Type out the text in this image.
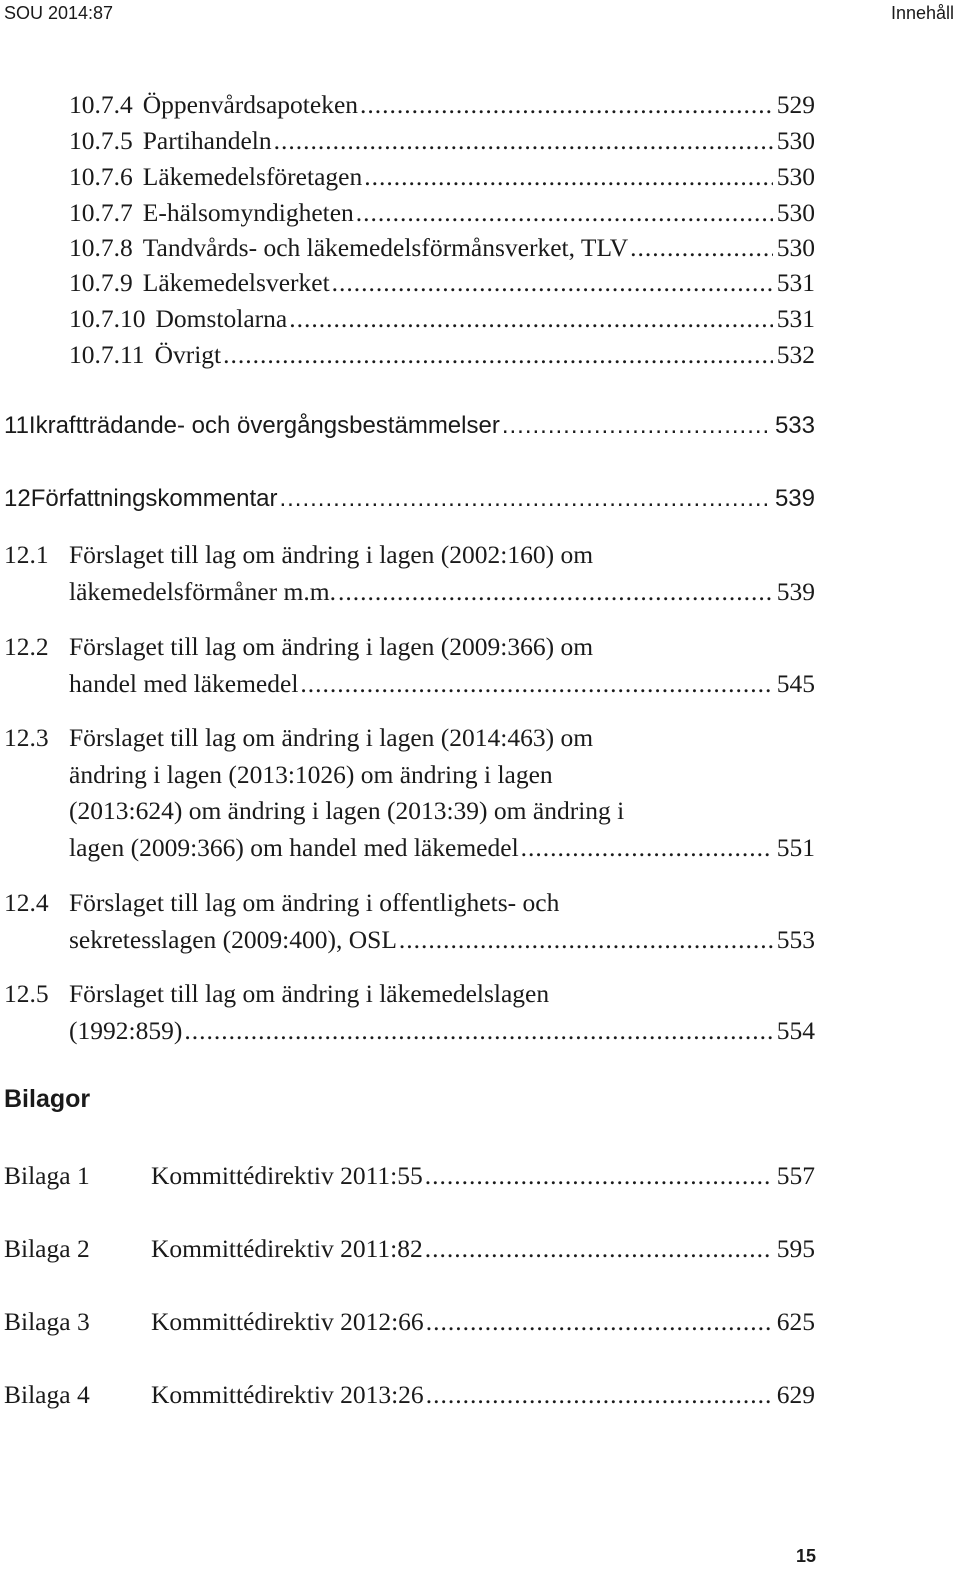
SOU 2014:87	Innehåll
10.7.4 Öppenvårdsapoteken .....	529
10.7.5 Partihandeln .....	530
10.7.6 Läkemedelsföretagen .....	530
10.7.7 E-hälsomyndigheten .....	530
10.7.8 Tandvårds- och läkemedelsförmånsverket, TLV .....	530
10.7.9 Läkemedelsverket .....	531
10.7.10 Domstolarna .....	531
10.7.11 Övrigt .....	532
11 Ikraftträdande- och övergångsbestämmelser .....	533
12 Författningskommentar .....	539
12.1 Förslaget till lag om ändring i lagen (2002:160) om
läkemedelsförmåner m.m. .....	539
12.2 Förslaget till lag om ändring i lagen (2009:366) om
handel med läkemedel .....	545
12.3 Förslaget till lag om ändring i lagen (2014:463) om
ändring i lagen (2013:1026) om ändring i lagen
(2013:624) om ändring i lagen (2013:39) om ändring i
lagen (2009:366) om handel med läkemedel .....	551
12.4 Förslaget till lag om ändring i offentlighets- och
sekretesslagen (2009:400), OSL .....	553
12.5 Förslaget till lag om ändring i läkemedelslagen
(1992:859) .....	554
Bilagor
Bilaga 1 Kommittédirektiv 2011:55 .....	557
Bilaga 2 Kommittédirektiv 2011:82 .....	595
Bilaga 3 Kommittédirektiv 2012:66 .....	625
Bilaga 4 Kommittédirektiv 2013:26 .....	629
15
